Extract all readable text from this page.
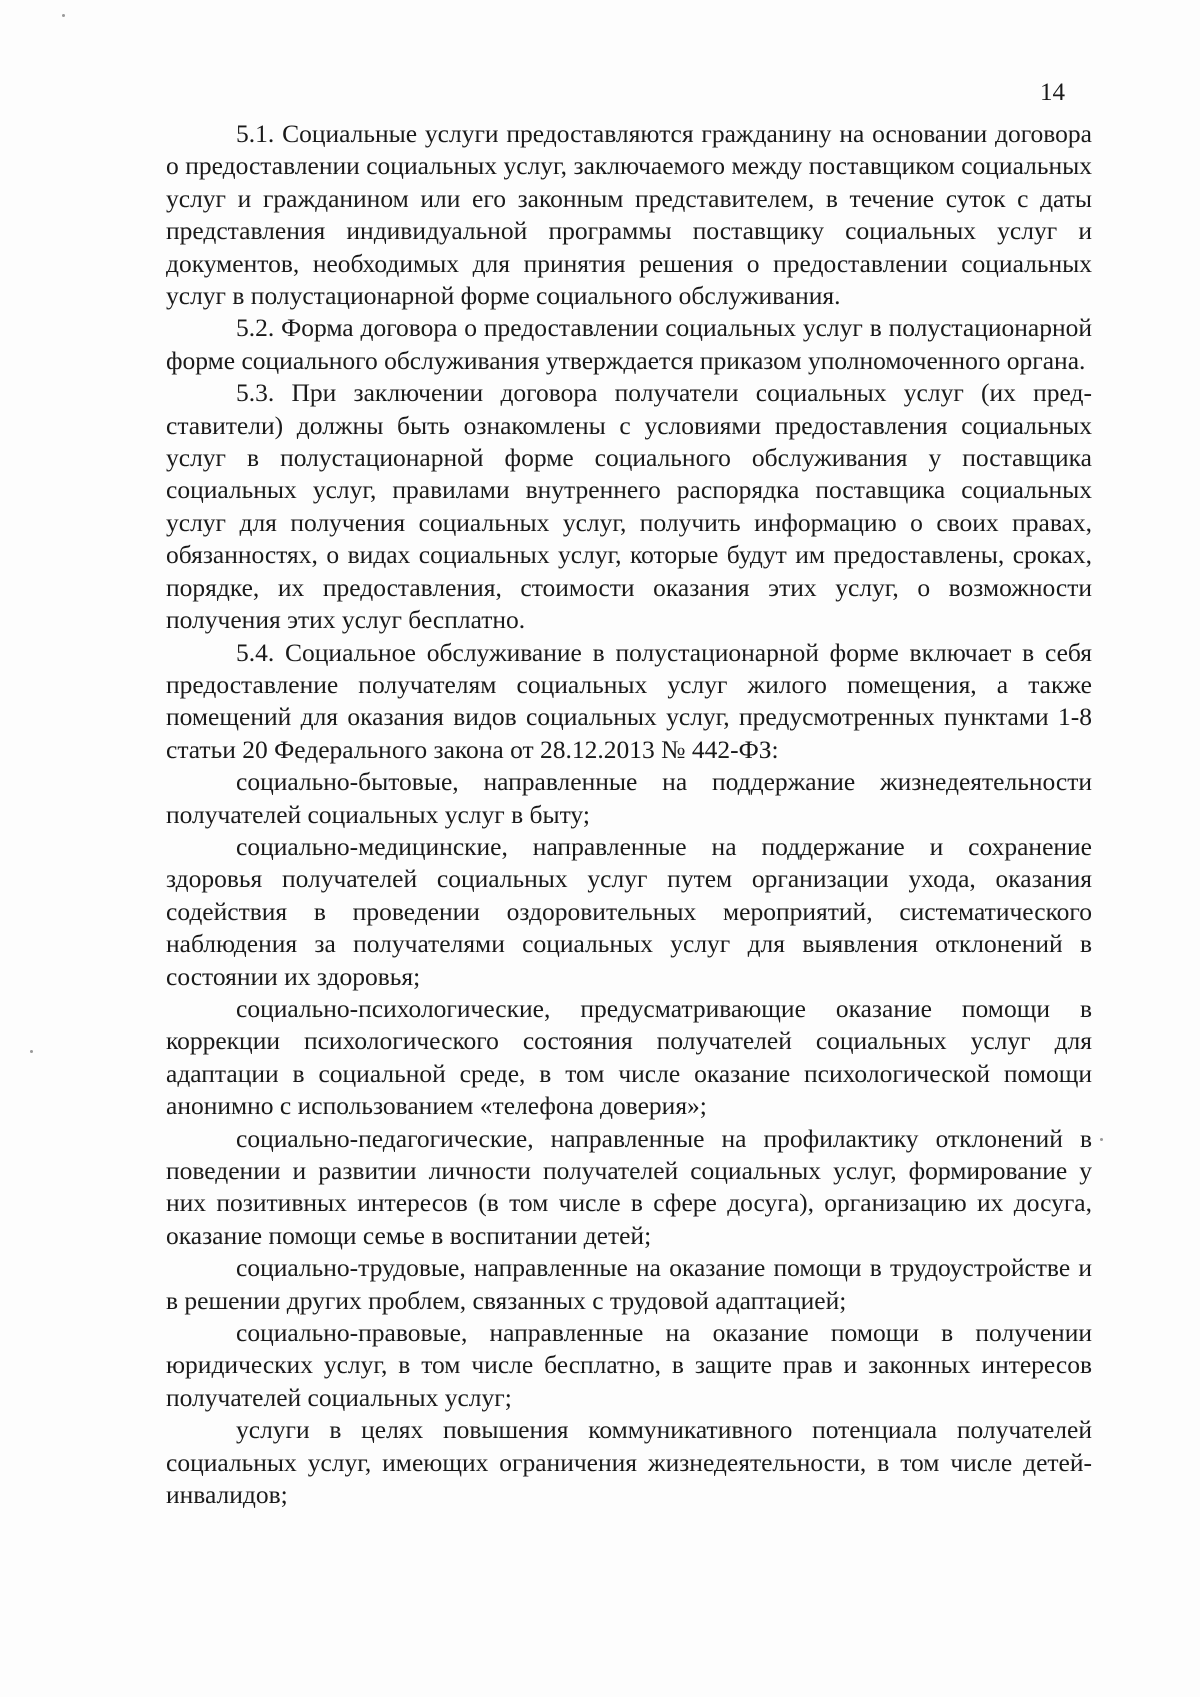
14

5.1. Социальные услуги предоставляются гражданину на основании договора о предоставлении социальных услуг, заключаемого между поставщиком социальных услуг и гражданином или его законным представителем, в течение суток с даты представления индивидуальной программы поставщику социальных услуг и документов, необходимых для принятия решения о предоставлении социальных услуг в полустационарной форме социального обслуживания.

5.2. Форма договора о предоставлении социальных услуг в полустационарной форме социального обслуживания утверждается приказом уполномоченного органа.

5.3. При заключении договора получатели социальных услуг (их представители) должны быть ознакомлены с условиями предоставления социальных услуг в полустационарной форме социального обслуживания у поставщика социальных услуг, правилами внутреннего распорядка поставщика социальных услуг для получения социальных услуг, получить информацию о своих правах, обязанностях, о видах социальных услуг, которые будут им предоставлены, сроках, порядке, их предоставления, стоимости оказания этих услуг, о возможности получения этих услуг бесплатно.

5.4. Социальное обслуживание в полустационарной форме включает в себя предоставление получателям социальных услуг жилого помещения, а также помещений для оказания видов социальных услуг, предусмотренных пунктами 1-8 статьи 20 Федерального закона от 28.12.2013 № 442-ФЗ:

социально-бытовые, направленные на поддержание жизнедеятельности получателей социальных услуг в быту;

социально-медицинские, направленные на поддержание и сохранение здоровья получателей социальных услуг путем организации ухода, оказания содействия в проведении оздоровительных мероприятий, систематического наблюдения за получателями социальных услуг для выявления отклонений в состоянии их здоровья;

социально-психологические, предусматривающие оказание помощи в коррекции психологического состояния получателей социальных услуг для адаптации в социальной среде, в том числе оказание психологической помощи анонимно с использованием «телефона доверия»;

социально-педагогические, направленные на профилактику отклонений в поведении и развитии личности получателей социальных услуг, формирование у них позитивных интересов (в том числе в сфере досуга), организацию их досуга, оказание помощи семье в воспитании детей;

социально-трудовые, направленные на оказание помощи в трудоустройстве и в решении других проблем, связанных с трудовой адаптацией;

социально-правовые, направленные на оказание помощи в получении юридических услуг, в том числе бесплатно, в защите прав и законных интересов получателей социальных услуг;

услуги в целях повышения коммуникативного потенциала получателей социальных услуг, имеющих ограничения жизнедеятельности, в том числе детей-инвалидов;
